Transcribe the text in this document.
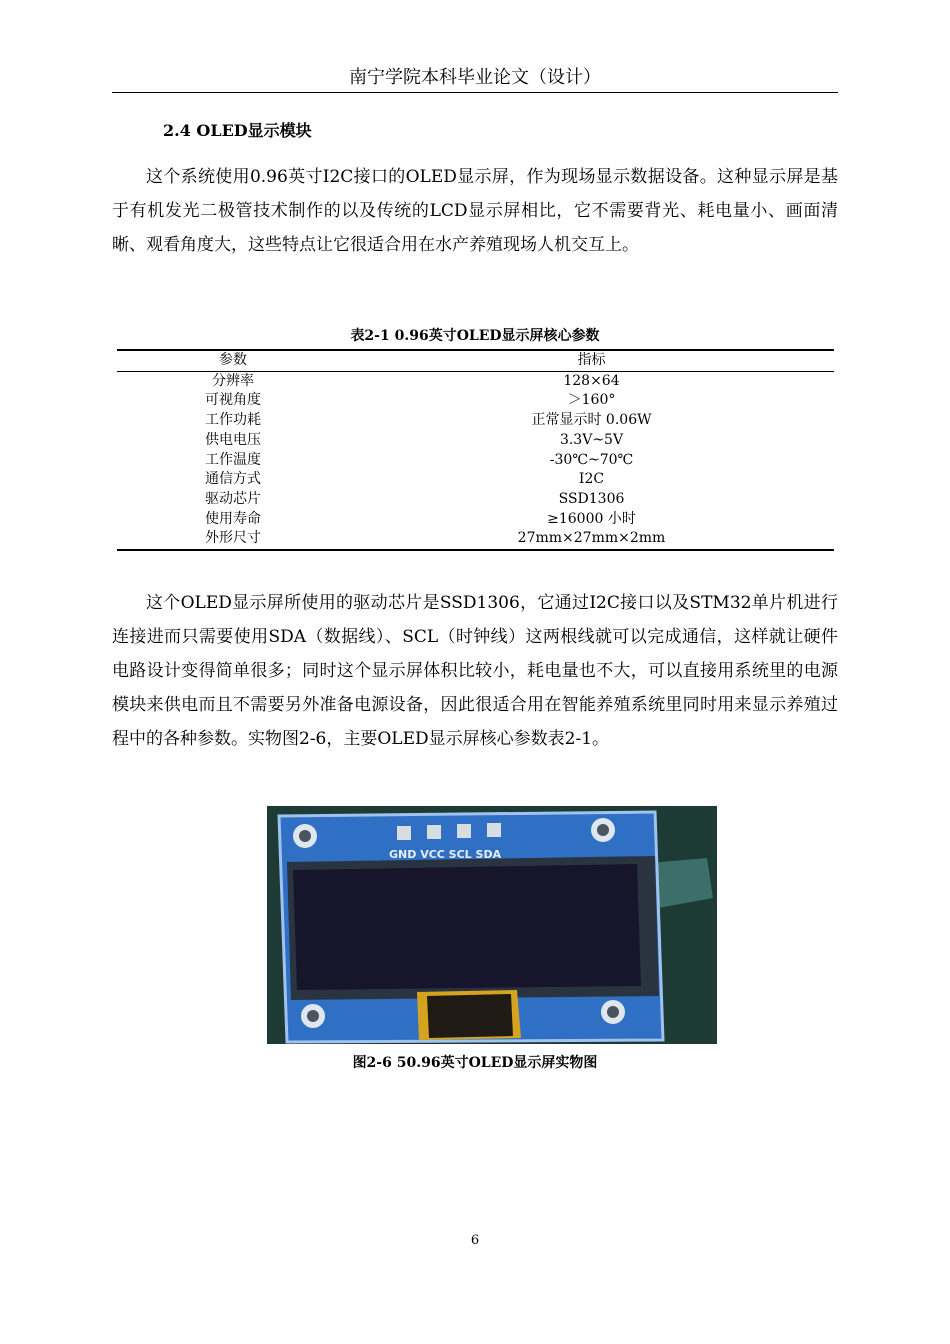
南宁学院本科毕业论文（设计）
2.4 OLED显示模块

这个系统使用0.96英寸I2C接口的OLED显示屏，作为现场显示数据设备。这种显示屏是基于有机发光二极管技术制作的以及传统的LCD显示屏相比，它不需要背光、耗电量小、画面清晰、观看角度大，这些特点让它很适合用在水产养殖现场人机交互上。

表2-1 0.96英寸OLED显示屏核心参数
参数	指标
分辨率	128×64
可视角度	＞160°
工作功耗	正常显示时 0.06W
供电电压	3.3V~5V
工作温度	-30℃~70℃
通信方式	I2C
驱动芯片	SSD1306
使用寿命	≥16000 小时
外形尺寸	27mm×27mm×2mm

这个OLED显示屏所使用的驱动芯片是SSD1306，它通过I2C接口以及STM32单片机进行连接进而只需要使用SDA（数据线）、SCL（时钟线）这两根线就可以完成通信，这样就让硬件电路设计变得简单很多；同时这个显示屏体积比较小，耗电量也不大，可以直接用系统里的电源模块来供电而且不需要另外准备电源设备，因此很适合用在智能养殖系统里同时用来显示养殖过程中的各种参数。实物图2-6，主要OLED显示屏核心参数表2-1。

GND VCC SCL SDA
图2-6 50.96英寸OLED显示屏实物图
6
